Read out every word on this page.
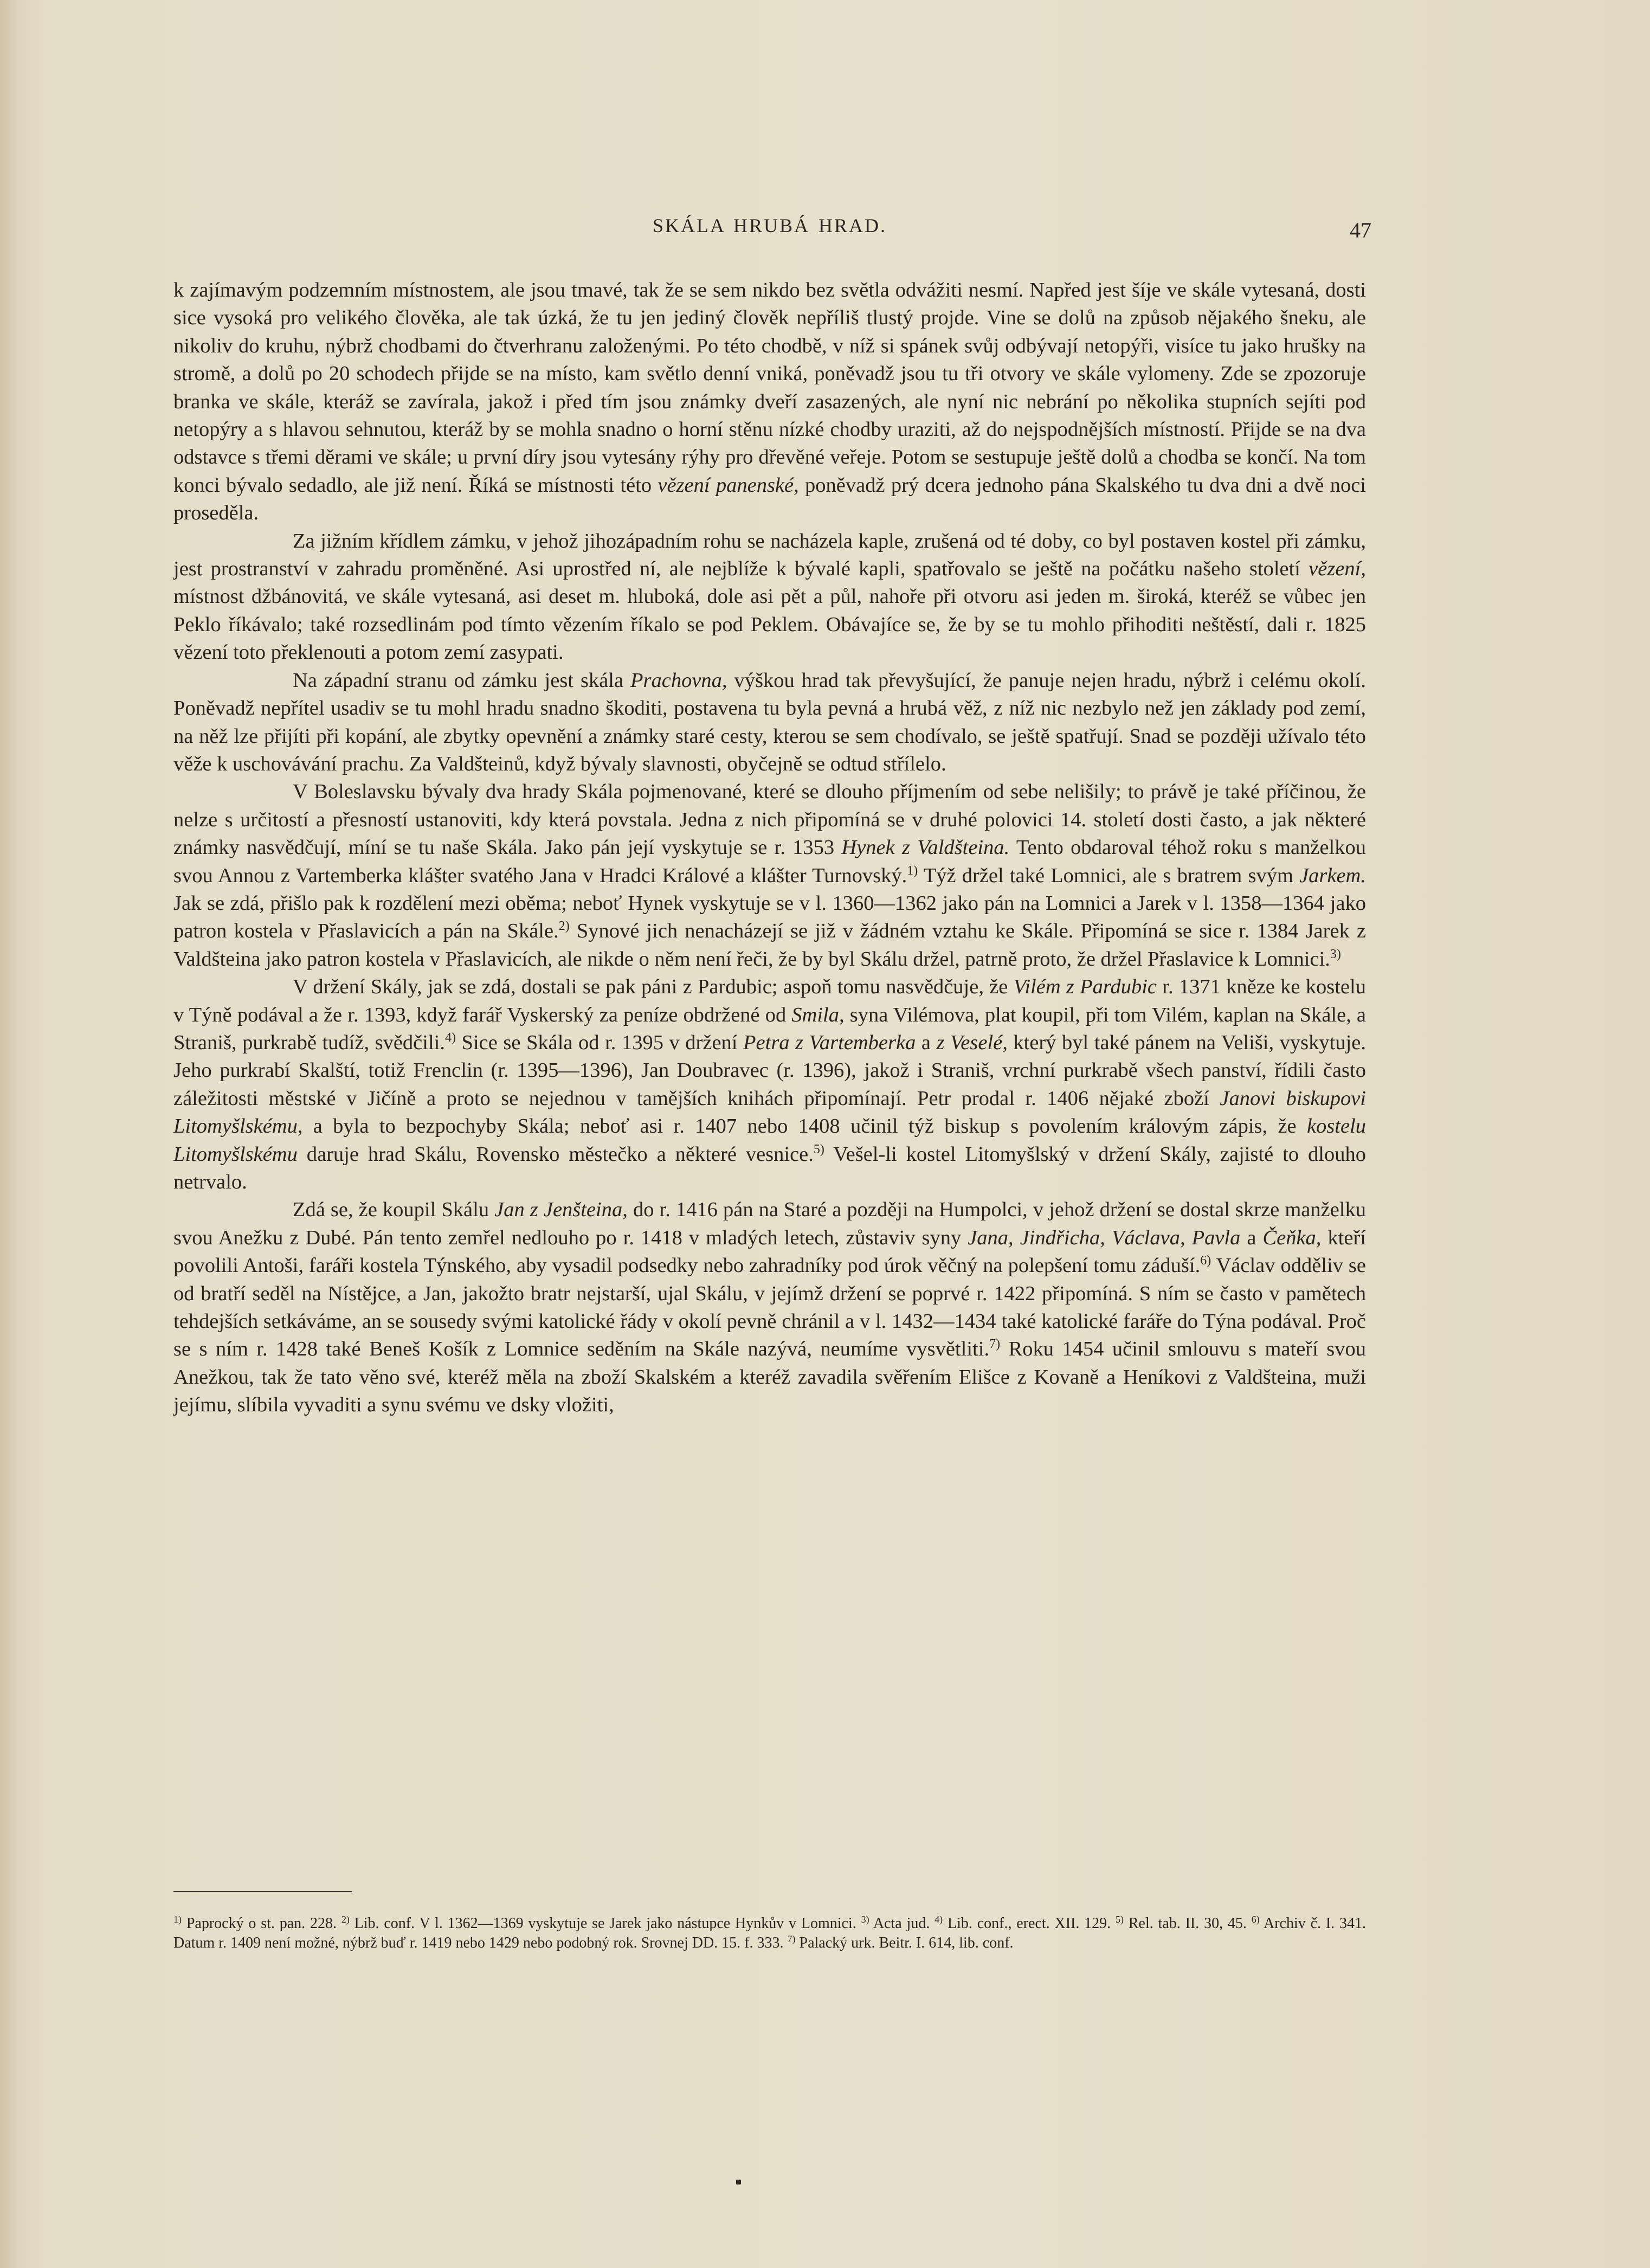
SKÁLA HRUBÁ HRAD.	47

k zajímavým podzemním místnostem, ale jsou tmavé, tak že se sem nikdo bez světla odvážiti nesmí. Napřed jest šíje ve skále vytesaná, dosti sice vysoká pro velikého člověka, ale tak úzká, že tu jen jediný člověk nepříliš tlustý projde. Vine se dolů na způsob nějakého šneku, ale nikoliv do kruhu, nýbrž chodbami do čtverhranu založenými. Po této chodbě, v níž si spánek svůj odbývají netopýři, visíce tu jako hrušky na stromě, a dolů po 20 schodech přijde se na místo, kam světlo denní vniká, poněvadž jsou tu tři otvory ve skále vylomeny. Zde se zpozoruje branka ve skále, kteráž se zavírala, jakož i před tím jsou známky dveří zasazených, ale nyní nic nebrání po několika stupních sejíti pod netopýry a s hlavou sehnutou, kteráž by se mohla snadno o horní stěnu nízké chodby uraziti, až do nejspodnějších místností. Přijde se na dva odstavce s třemi děrami ve skále; u první díry jsou vytesány rýhy pro dřevěné veřeje. Potom se sestupuje ještě dolů a chodba se končí. Na tom konci bývalo sedadlo, ale již není. Říká se místnosti této vězení panenské, poněvadž prý dcera jednoho pána Skalského tu dva dni a dvě noci proseděla.

Za jižním křídlem zámku, v jehož jihozápadním rohu se nacházela kaple, zrušená od té doby, co byl postaven kostel při zámku, jest prostranství v zahradu proměněné. Asi uprostřed ní, ale nejblíže k bývalé kapli, spatřovalo se ještě na počátku našeho století vězení, místnost džbánovitá, ve skále vytesaná, asi deset m. hluboká, dole asi pět a půl, nahoře při otvoru asi jeden m. široká, kteréž se vůbec jen Peklo říkávalo; také rozsedlinám pod tímto vězením říkalo se pod Peklem. Obávajíce se, že by se tu mohlo přihoditi neštěstí, dali r. 1825 vězení toto překlenouti a potom zemí zasypati.

Na západní stranu od zámku jest skála Prachovna, výškou hrad tak převyšující, že panuje nejen hradu, nýbrž i celému okolí. Poněvadž nepřítel usadiv se tu mohl hradu snadno škoditi, postavena tu byla pevná a hrubá věž, z níž nic nezbylo než jen základy pod zemí, na něž lze přijíti při kopání, ale zbytky opevnění a známky staré cesty, kterou se sem chodívalo, se ještě spatřují. Snad se později užívalo této věže k uschovávání prachu. Za Valdšteinů, když bývaly slavnosti, obyčejně se odtud střílelo.

V Boleslavsku bývaly dva hrady Skála pojmenované, které se dlouho příjmením od sebe nelišily; to právě je také příčinou, že nelze s určitostí a přesností ustanoviti, kdy která povstala. Jedna z nich připomíná se v druhé polovici 14. století dosti často, a jak některé známky nasvědčují, míní se tu naše Skála. Jako pán její vyskytuje se r. 1353 Hynek z Valdšteina. Tento obdaroval téhož roku s manželkou svou Annou z Vartemberka klášter svatého Jana v Hradci Králové a klášter Turnovský.$^{1)}$ Týž držel také Lomnici, ale s bratrem svým Jarkem. Jak se zdá, přišlo pak k rozdělení mezi oběma; neboť Hynek vyskytuje se v l. 1360—1362 jako pán na Lomnici a Jarek v l. 1358—1364 jako patron kostela v Přaslavicích a pán na Skále.$^{2)}$ Synové jich nenacházejí se již v žádném vztahu ke Skále. Připomíná se sice r. 1384 Jarek z Valdšteina jako patron kostela v Přaslavicích, ale nikde o něm není řeči, že by byl Skálu držel, patrně proto, že držel Přaslavice k Lomnici.$^{3)}$

V držení Skály, jak se zdá, dostali se pak páni z Pardubic; aspoň tomu nasvědčuje, že Vilém z Pardubic r. 1371 kněze ke kostelu v Týně podával a že r. 1393, když farář Vyskerský za peníze obdržené od Smila, syna Vilémova, plat koupil, při tom Vilém, kaplan na Skále, a Straniš, purkrabě tudíž, svědčili.$^{4)}$ Sice se Skála od r. 1395 v držení Petra z Vartemberka a z Veselé, který byl také pánem na Veliši, vyskytuje. Jeho purkrabí Skalští, totiž Frenclin (r. 1395—1396), Jan Doubravec (r. 1396), jakož i Straniš, vrchní purkrabě všech panství, řídili často záležitosti městské v Jičíně a proto se nejednou v tamějších knihách připomínají. Petr prodal r. 1406 nějaké zboží Janovi biskupovi Litomyšlskému, a byla to bezpochyby Skála; neboť asi r. 1407 nebo 1408 učinil týž biskup s povolením královým zápis, že kostelu Litomyšlskému daruje hrad Skálu, Rovensko městečko a některé vesnice.$^{5)}$ Vešel-li kostel Litomyšlský v držení Skály, zajisté to dlouho netrvalo.

Zdá se, že koupil Skálu Jan z Jenšteina, do r. 1416 pán na Staré a později na Humpolci, v jehož držení se dostal skrze manželku svou Anežku z Dubé. Pán tento zemřel nedlouho po r. 1418 v mladých letech, zůstaviv syny Jana, Jindřicha, Václava, Pavla a Čeňka, kteří povolili Antoši, faráři kostela Týnského, aby vysadil podsedky nebo zahradníky pod úrok věčný na polepšení tomu záduší.$^{6)}$ Václav odděliv se od bratří seděl na Nístějce, a Jan, jakožto bratr nejstarší, ujal Skálu, v jejímž držení se poprvé r. 1422 připomíná. S ním se často v pamětech tehdejších setkáváme, an se sousedy svými katolické řády v okolí pevně chránil a v l. 1432—1434 také katolické faráře do Týna podával. Proč se s ním r. 1428 také Beneš Košík z Lomnice seděním na Skále nazývá, neumíme vysvětliti.$^{7)}$ Roku 1454 učinil smlouvu s mateří svou Anežkou, tak že tato věno své, kteréž měla na zboží Skalském a kteréž zavadila svěřením Elišce z Kovaně a Heníkovi z Valdšteina, muži jejímu, slíbila vyvaditi a synu svému ve dsky vložiti,

$^{1)}$ Paprocký o st. pan. 228. $^{2)}$ Lib. conf. V l. 1362—1369 vyskytuje se Jarek jako nástupce Hynkův v Lomnici. $^{3)}$ Acta jud. $^{4)}$ Lib. conf., erect. XII. 129. $^{5)}$ Rel. tab. II. 30, 45. $^{6)}$ Archiv č. I. 341. Datum r. 1409 není možné, nýbrž buď r. 1419 nebo 1429 nebo podobný rok. Srovnej DD. 15. f. 333. $^{7)}$ Palacký urk. Beitr. I. 614, lib. conf.
